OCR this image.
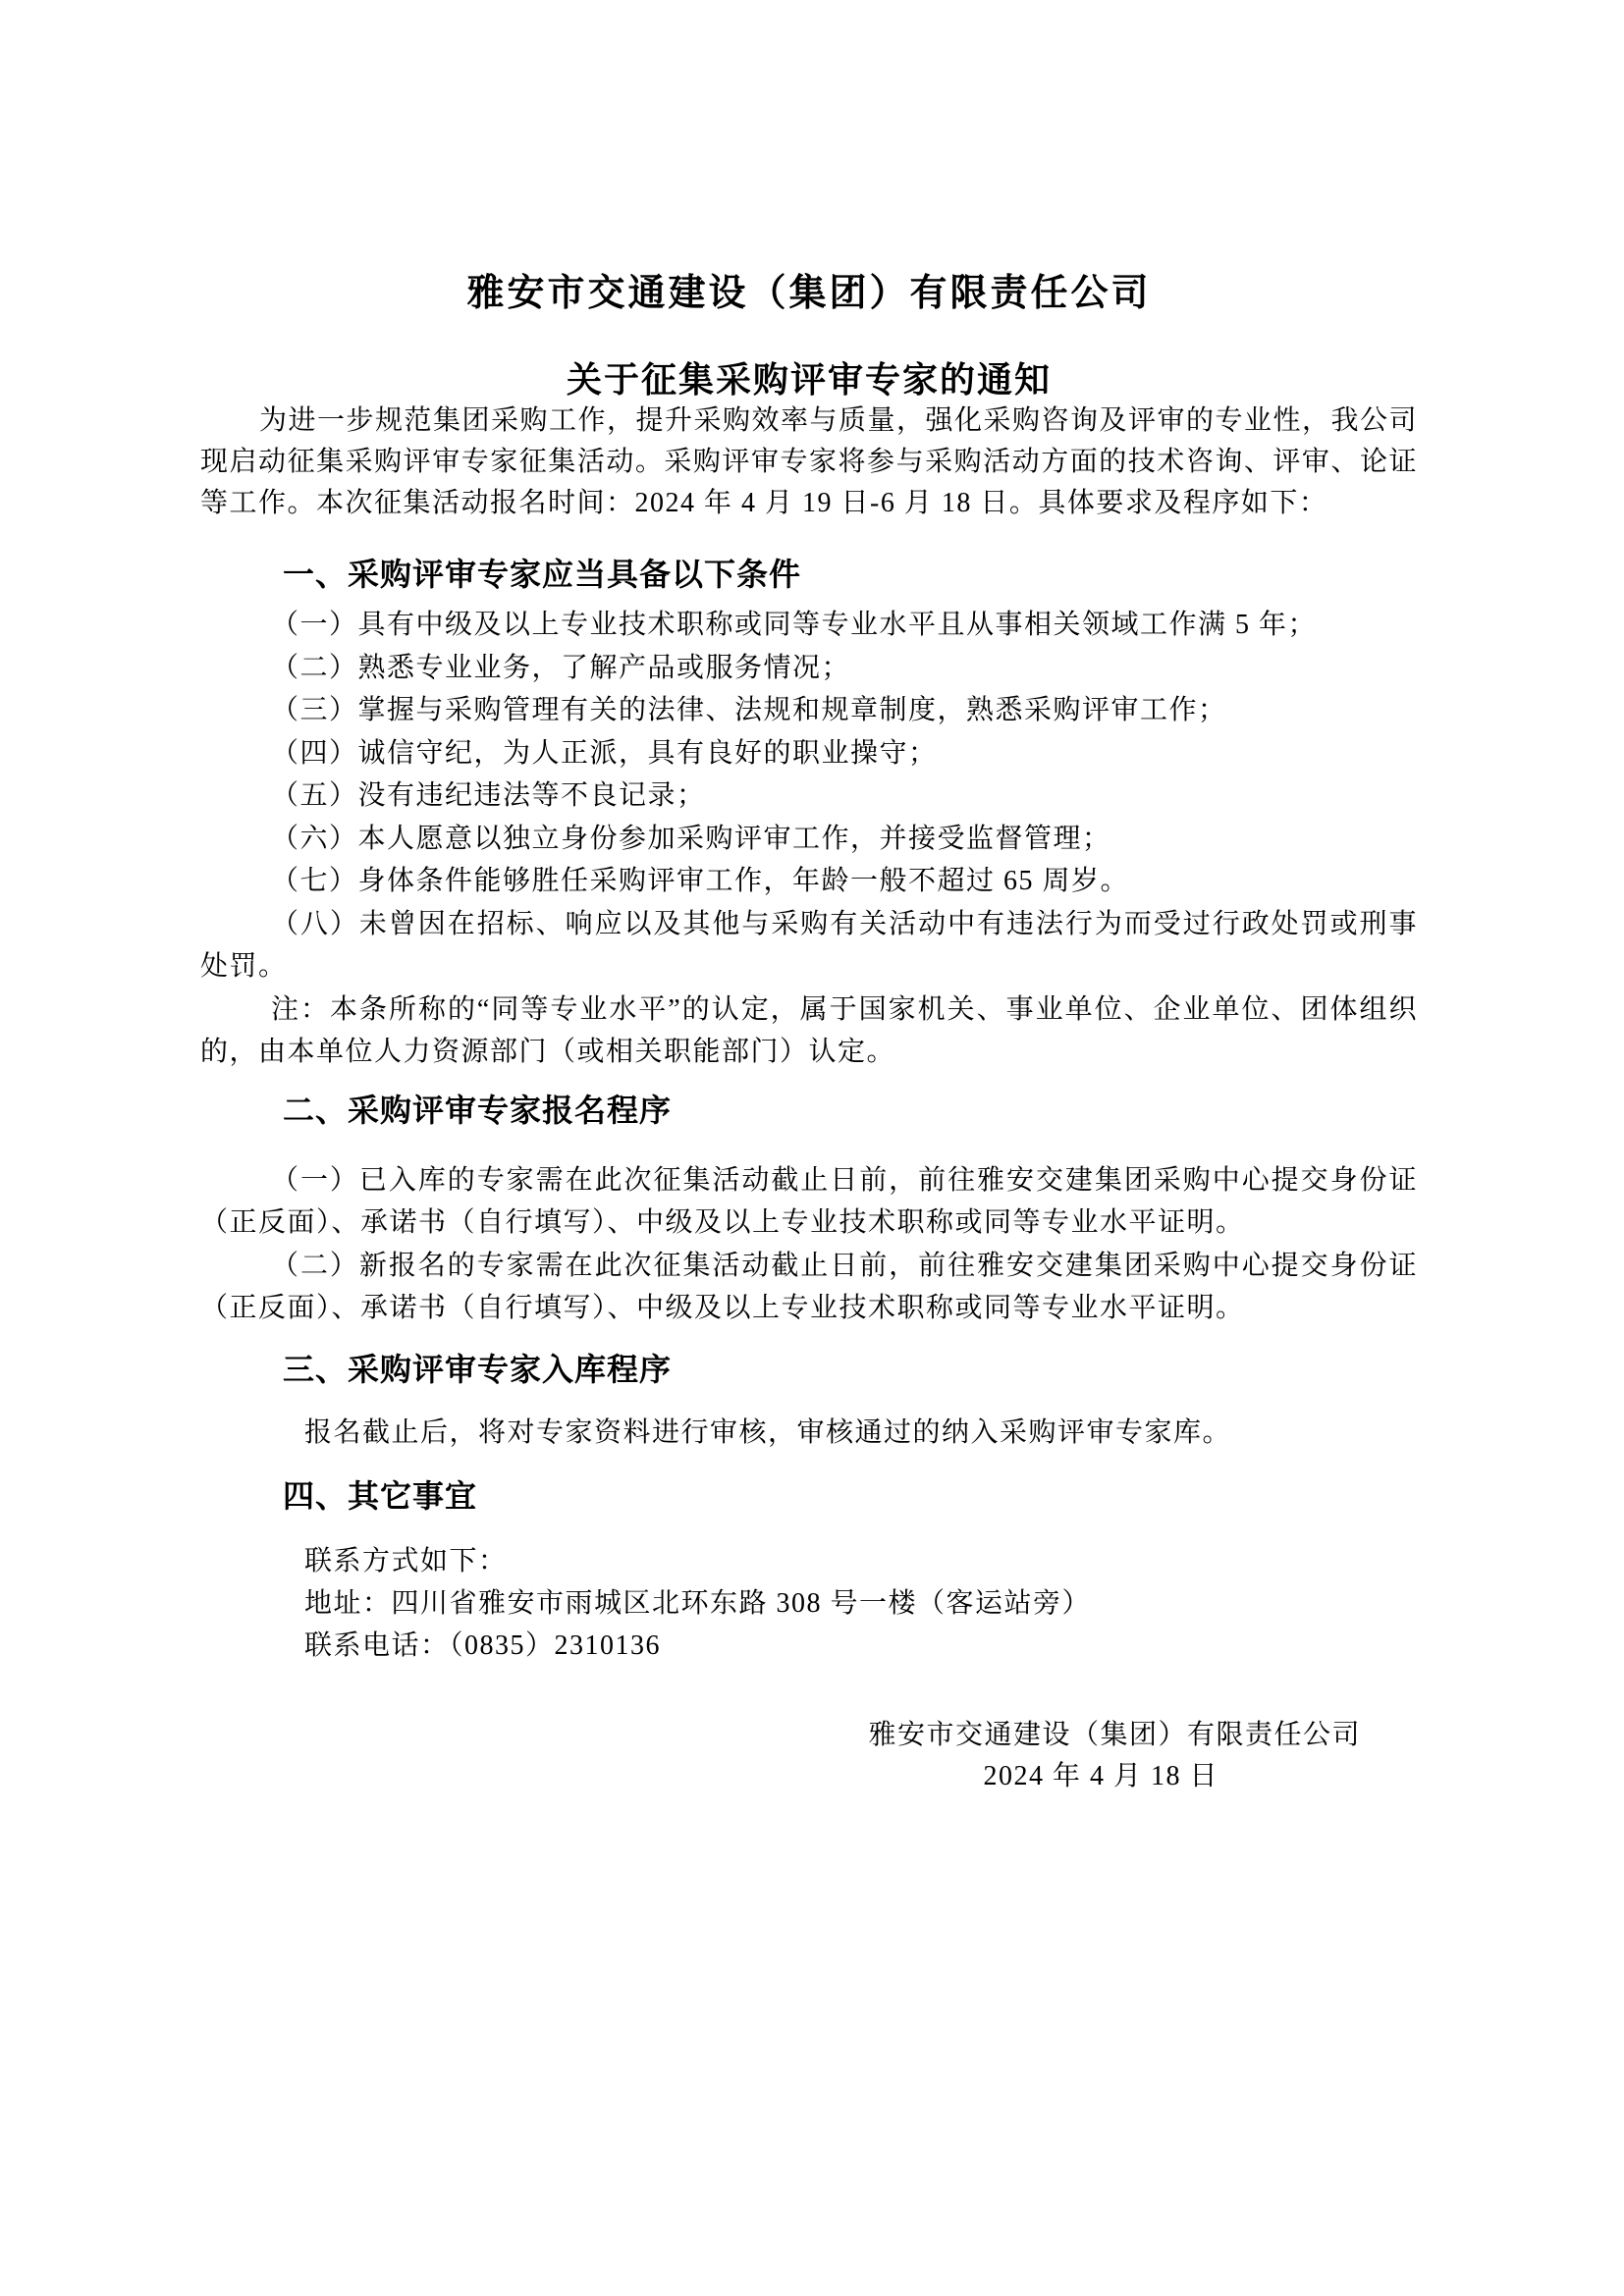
雅安市交通建设（集团）有限责任公司

关于征集采购评审专家的通知

为进一步规范集团采购工作，提升采购效率与质量，强化采购咨询及评审的专业性，我公司现启动征集采购评审专家征集活动。采购评审专家将参与采购活动方面的技术咨询、评审、论证等工作。本次征集活动报名时间：2024 年 4 月 19 日-6 月 18 日。具体要求及程序如下：

一、采购评审专家应当具备以下条件

（一）具有中级及以上专业技术职称或同等专业水平且从事相关领域工作满 5 年；

（二）熟悉专业业务，了解产品或服务情况；

（三）掌握与采购管理有关的法律、法规和规章制度，熟悉采购评审工作；

（四）诚信守纪，为人正派，具有良好的职业操守；

（五）没有违纪违法等不良记录；

（六）本人愿意以独立身份参加采购评审工作，并接受监督管理；

（七）身体条件能够胜任采购评审工作，年龄一般不超过 65 周岁。

（八）未曾因在招标、响应以及其他与采购有关活动中有违法行为而受过行政处罚或刑事处罚。

注：本条所称的“同等专业水平”的认定，属于国家机关、事业单位、企业单位、团体组织的，由本单位人力资源部门（或相关职能部门）认定。

二、采购评审专家报名程序

（一）已入库的专家需在此次征集活动截止日前，前往雅安交建集团采购中心提交身份证（正反面）、承诺书（自行填写）、中级及以上专业技术职称或同等专业水平证明。

（二）新报名的专家需在此次征集活动截止日前，前往雅安交建集团采购中心提交身份证（正反面）、承诺书（自行填写）、中级及以上专业技术职称或同等专业水平证明。

三、采购评审专家入库程序

报名截止后，将对专家资料进行审核，审核通过的纳入采购评审专家库。

四、其它事宜

联系方式如下：

地址：四川省雅安市雨城区北环东路 308 号一楼（客运站旁）

联系电话：（0835）2310136

雅安市交通建设（集团）有限责任公司

2024 年 4 月 18 日
